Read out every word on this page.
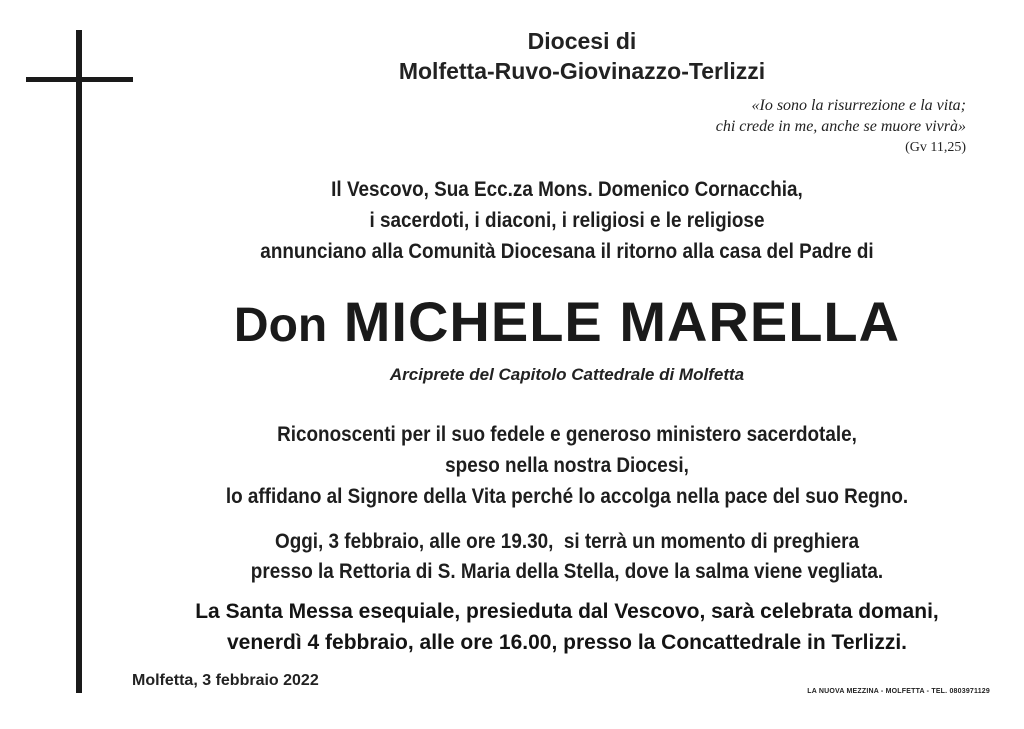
Diocesi di
Molfetta-Ruvo-Giovinazzo-Terlizzi
«Io sono la risurrezione e la vita;
chi crede in me, anche se muore vivrà»
(Gv 11,25)
Il Vescovo, Sua Ecc.za Mons. Domenico Cornacchia,
i sacerdoti, i diaconi, i religiosi e le religiose
annunciano alla Comunità Diocesana il ritorno alla casa del Padre di
Don MICHELE MARELLA
Arciprete del Capitolo Cattedrale di Molfetta
Riconoscenti per il suo fedele e generoso ministero sacerdotale,
speso nella nostra Diocesi,
lo affidano al Signore della Vita perché lo accolga nella pace del suo Regno.
Oggi, 3 febbraio, alle ore 19.30,  si terrà un momento di preghiera
presso la Rettoria di S. Maria della Stella, dove la salma viene vegliata.
La Santa Messa esequiale, presieduta dal Vescovo, sarà celebrata domani,
venerdì 4 febbraio, alle ore 16.00, presso la Concattedrale in Terlizzi.
Molfetta, 3 febbraio 2022
LA NUOVA MEZZINA - MOLFETTA - TEL. 0803971129
